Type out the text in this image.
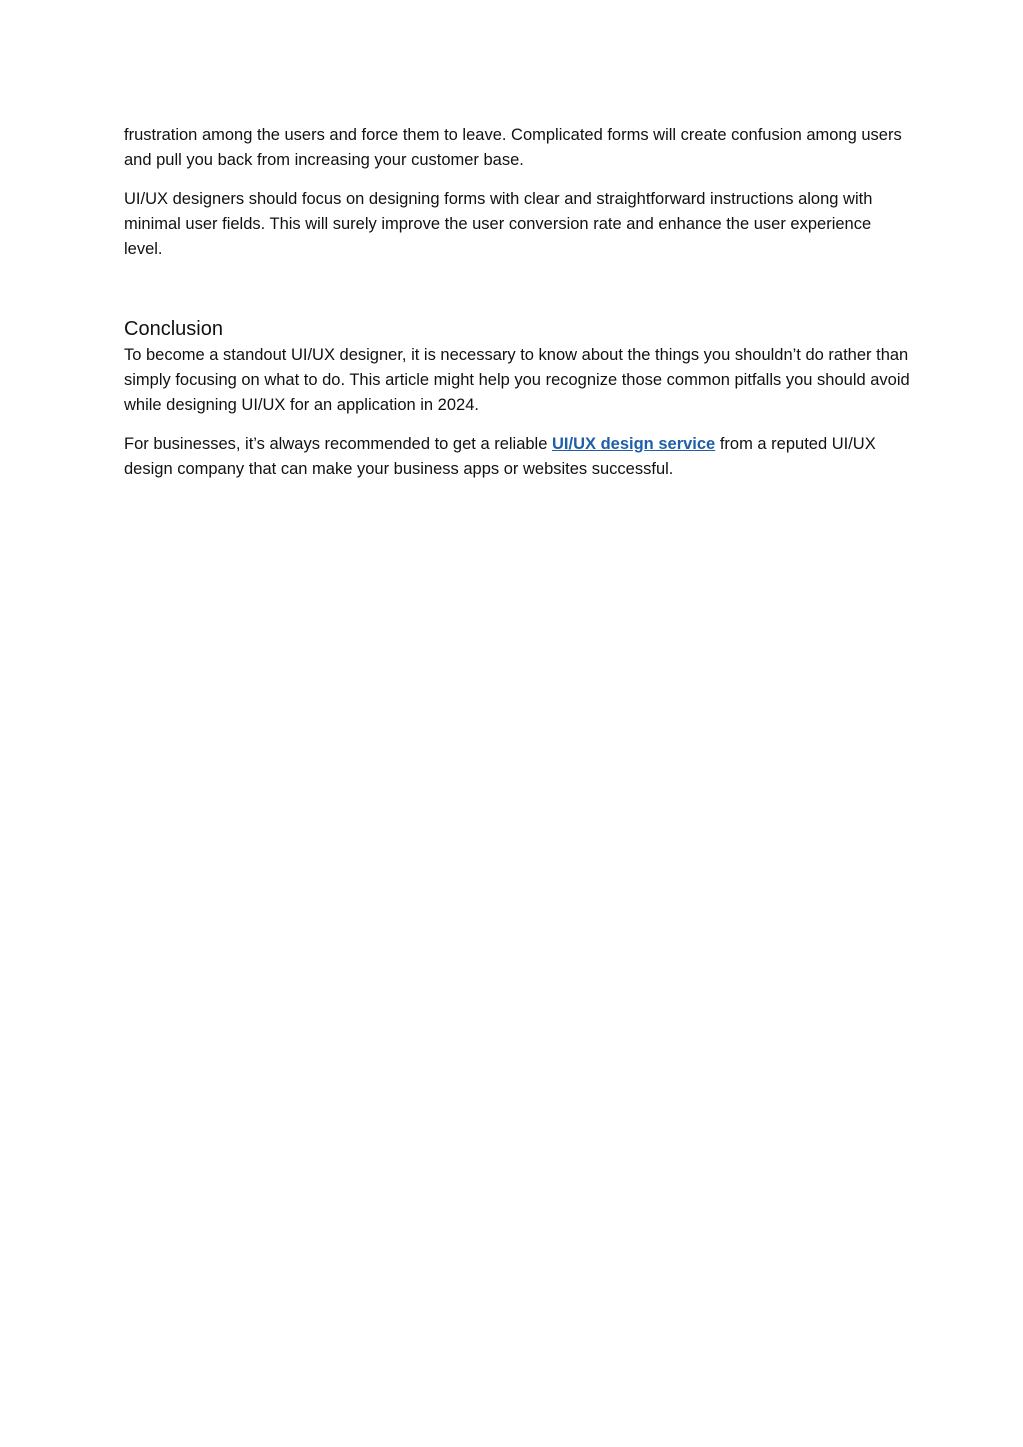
frustration among the users and force them to leave. Complicated forms will create confusion among users and pull you back from increasing your customer base.

UI/UX designers should focus on designing forms with clear and straightforward instructions along with minimal user fields. This will surely improve the user conversion rate and enhance the user experience level.

Conclusion

To become a standout UI/UX designer, it is necessary to know about the things you shouldn’t do rather than simply focusing on what to do. This article might help you recognize those common pitfalls you should avoid while designing UI/UX for an application in 2024.

For businesses, it’s always recommended to get a reliable UI/UX design service from a reputed UI/UX design company that can make your business apps or websites successful.
